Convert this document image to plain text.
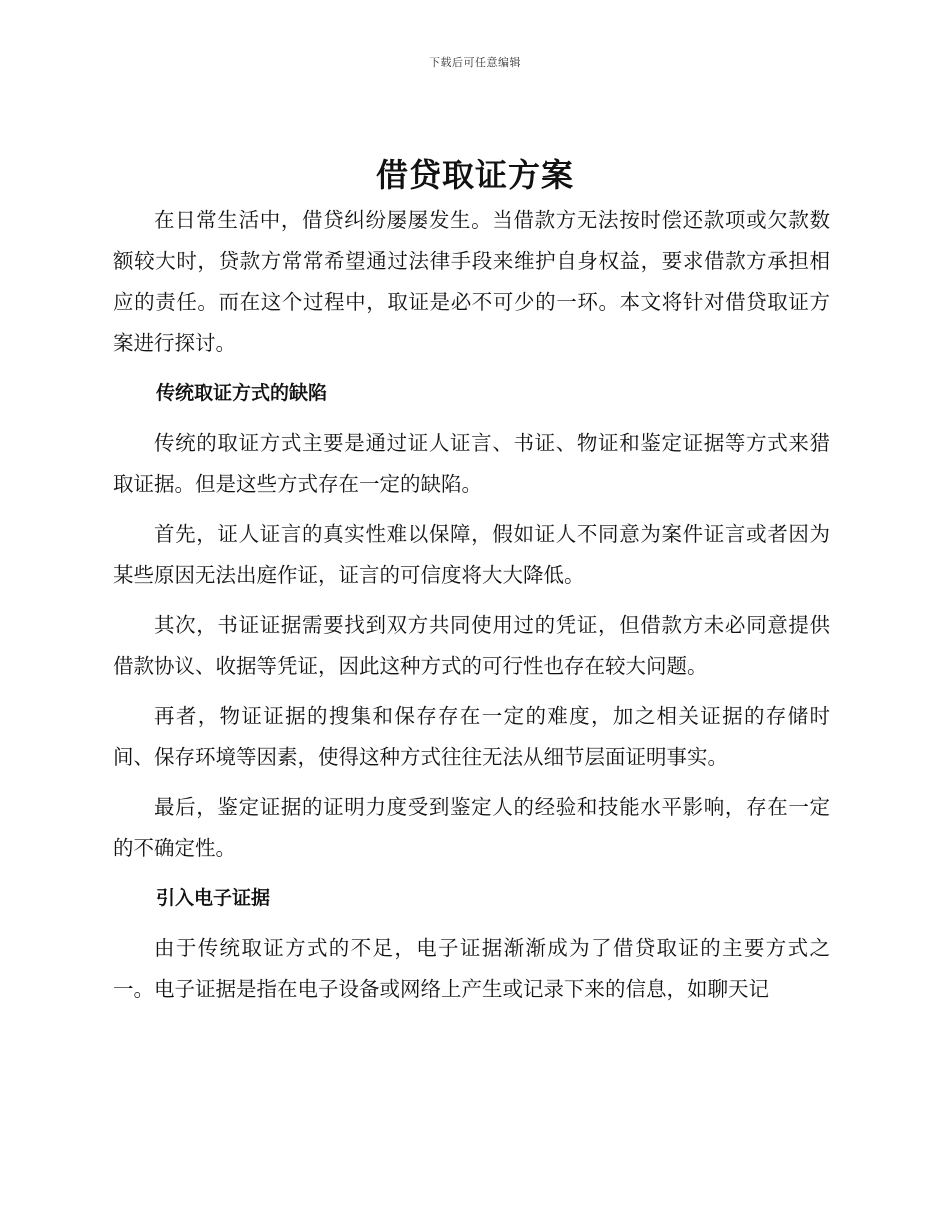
下载后可任意编辑
借贷取证方案

在日常生活中，借贷纠纷屡屡发生。当借款方无法按时偿还款项或欠款数额较大时，贷款方常常希望通过法律手段来维护自身权益，要求借款方承担相应的责任。而在这个过程中，取证是必不可少的一环。本文将针对借贷取证方案进行探讨。

传统取证方式的缺陷

传统的取证方式主要是通过证人证言、书证、物证和鉴定证据等方式来猎取证据。但是这些方式存在一定的缺陷。

首先，证人证言的真实性难以保障，假如证人不同意为案件证言或者因为某些原因无法出庭作证，证言的可信度将大大降低。

其次，书证证据需要找到双方共同使用过的凭证，但借款方未必同意提供借款协议、收据等凭证，因此这种方式的可行性也存在较大问题。

再者，物证证据的搜集和保存存在一定的难度，加之相关证据的存储时间、保存环境等因素，使得这种方式往往无法从细节层面证明事实。

最后，鉴定证据的证明力度受到鉴定人的经验和技能水平影响，存在一定的不确定性。

引入电子证据

由于传统取证方式的不足，电子证据渐渐成为了借贷取证的主要方式之一。电子证据是指在电子设备或网络上产生或记录下来的信息，如聊天记
